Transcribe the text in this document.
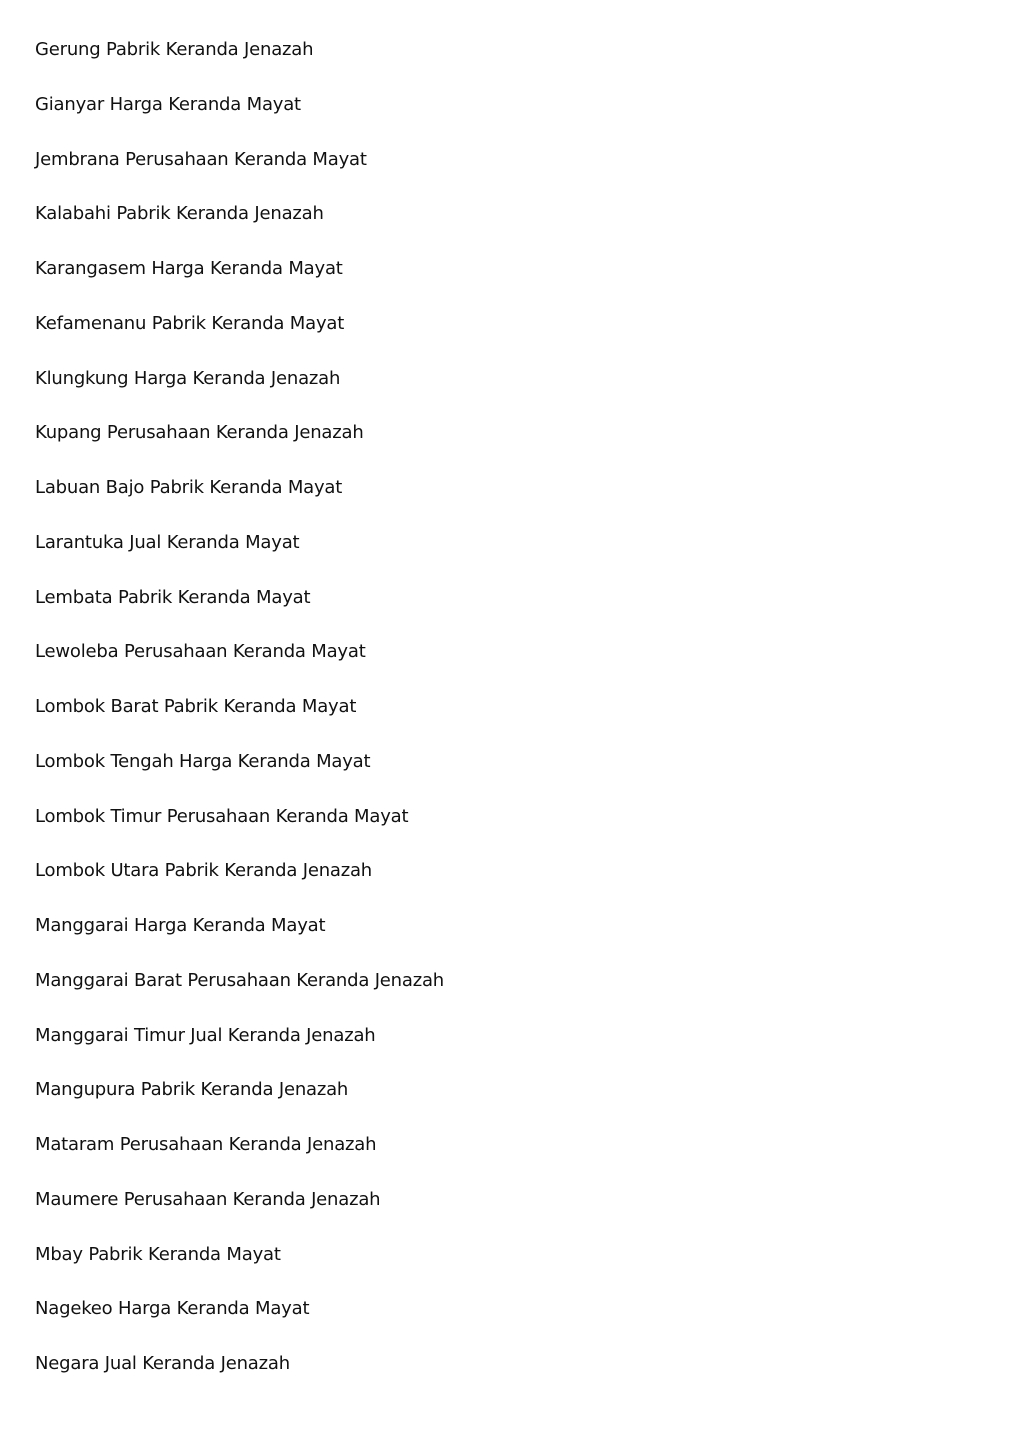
Gerung Pabrik Keranda Jenazah
Gianyar Harga Keranda Mayat
Jembrana Perusahaan Keranda Mayat
Kalabahi Pabrik Keranda Jenazah
Karangasem Harga Keranda Mayat
Kefamenanu Pabrik Keranda Mayat
Klungkung Harga Keranda Jenazah
Kupang Perusahaan Keranda Jenazah
Labuan Bajo Pabrik Keranda Mayat
Larantuka Jual Keranda Mayat
Lembata Pabrik Keranda Mayat
Lewoleba Perusahaan Keranda Mayat
Lombok Barat Pabrik Keranda Mayat
Lombok Tengah Harga Keranda Mayat
Lombok Timur Perusahaan Keranda Mayat
Lombok Utara Pabrik Keranda Jenazah
Manggarai Harga Keranda Mayat
Manggarai Barat Perusahaan Keranda Jenazah
Manggarai Timur Jual Keranda Jenazah
Mangupura Pabrik Keranda Jenazah
Mataram Perusahaan Keranda Jenazah
Maumere Perusahaan Keranda Jenazah
Mbay Pabrik Keranda Mayat
Nagekeo Harga Keranda Mayat
Negara Jual Keranda Jenazah
